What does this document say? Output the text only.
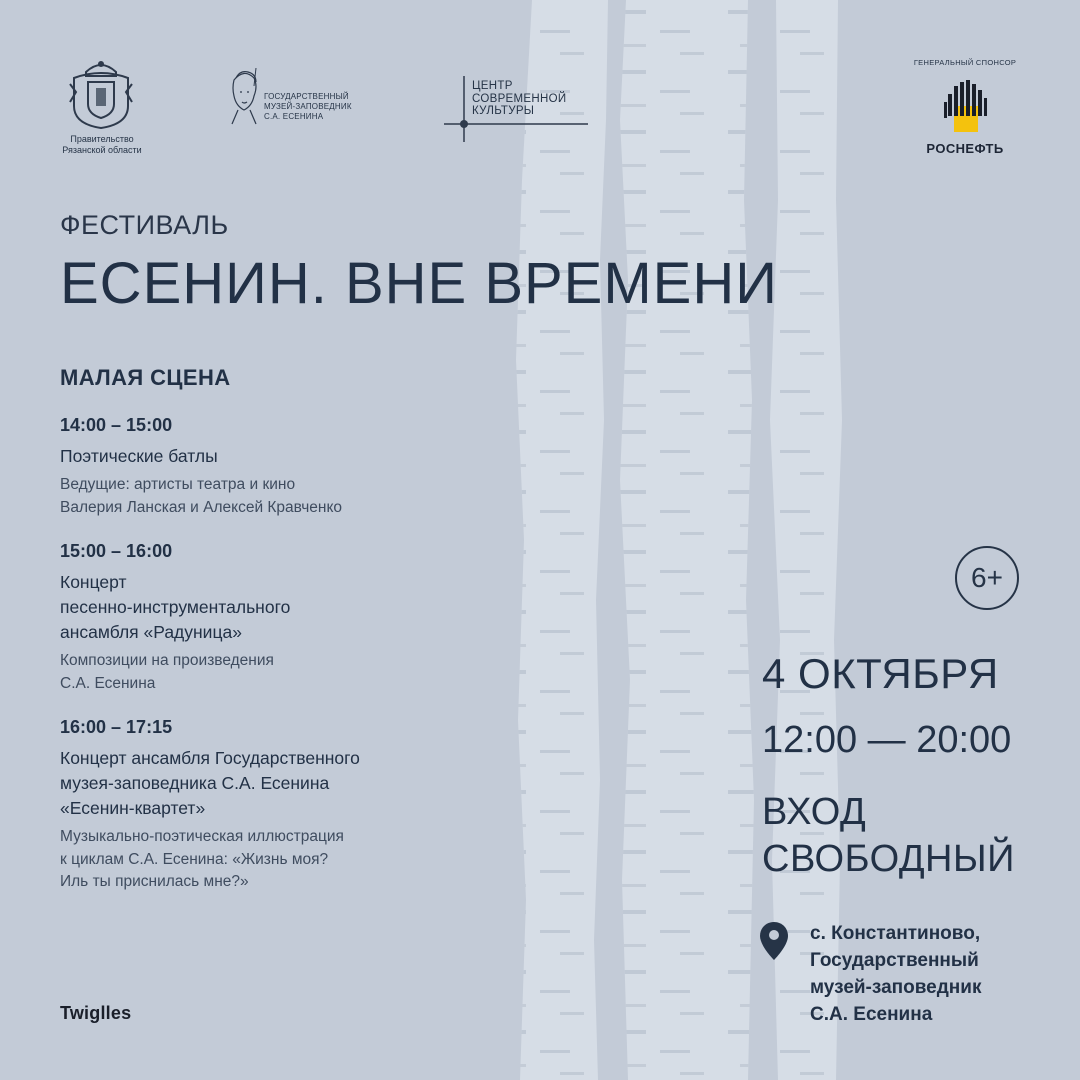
Правительство
Рязанской области
ГОСУДАРСТВЕННЫЙ
МУЗЕЙ-ЗАПОВЕДНИК
С.А. ЕСЕНИНА
ЦЕНТР
СОВРЕМЕННОЙ
КУЛЬТУРЫ
ГЕНЕРАЛЬНЫЙ СПОНСОР
РОСНЕФТЬ
ФЕСТИВАЛЬ
ЕСЕНИН. ВНЕ ВРЕМЕНИ
МАЛАЯ СЦЕНА
14:00 – 15:00
Поэтические батлы
Ведущие: артисты театра и кино
Валерия Ланская и Алексей Кравченко
15:00 – 16:00
Концерт
песенно-инструментального
ансамбля «Радуница»
Композиции на произведения
С.А. Есенина
16:00 – 17:15
Концерт ансамбля Государственного
музея-заповедника С.А. Есенина
«Есенин-квартет»
Музыкально-поэтическая иллюстрация
к циклам С.А. Есенина: «Жизнь моя?
Иль ты приснилась мне?»
6+
4 ОКТЯБРЯ
12:00 — 20:00
ВХОД
СВОБОДНЫЙ
с. Константиново,
Государственный
музей-заповедник
С.А. Есенина
Twiglles
